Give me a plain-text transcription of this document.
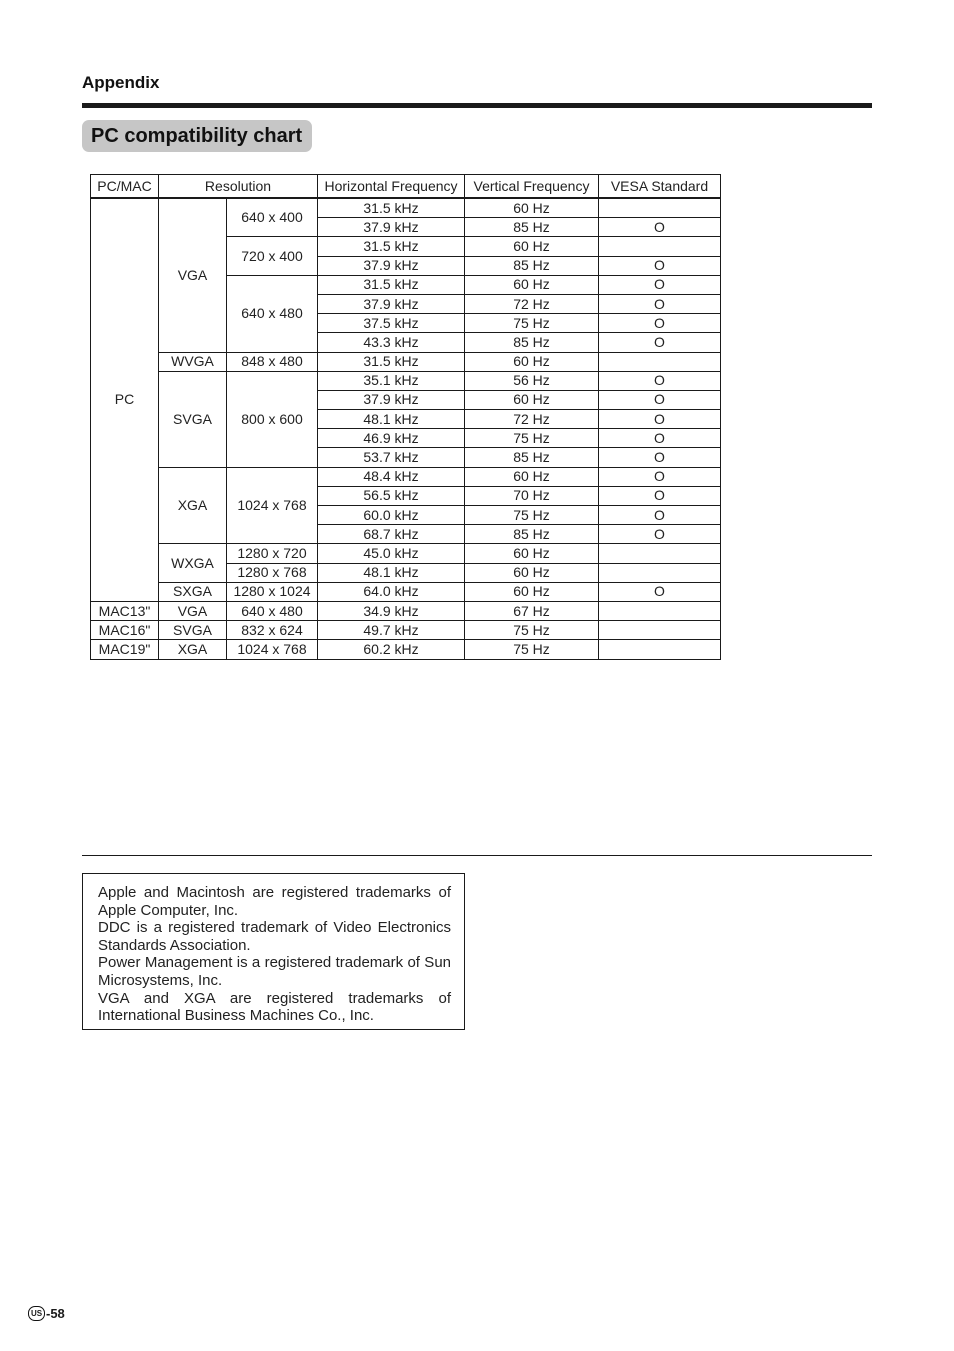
Appendix
PC compatibility chart
PC/MAC	Resolution		Horizontal Frequency	Vertical Frequency	VESA Standard
PC	VGA	640 x 400	31.5 kHz	60 Hz	
			37.9 kHz	85 Hz	O
		720 x 400	31.5 kHz	60 Hz	
			37.9 kHz	85 Hz	O
		640 x 480	31.5 kHz	60 Hz	O
			37.9 kHz	72 Hz	O
			37.5 kHz	75 Hz	O
			43.3 kHz	85 Hz	O
	WVGA	848 x 480	31.5 kHz	60 Hz	
	SVGA	800 x 600	35.1 kHz	56 Hz	O
			37.9 kHz	60 Hz	O
			48.1 kHz	72 Hz	O
			46.9 kHz	75 Hz	O
			53.7 kHz	85 Hz	O
	XGA	1024 x 768	48.4 kHz	60 Hz	O
			56.5 kHz	70 Hz	O
			60.0 kHz	75 Hz	O
			68.7 kHz	85 Hz	O
	WXGA	1280 x 720	45.0 kHz	60 Hz	
		1280 x 768	48.1 kHz	60 Hz	
	SXGA	1280 x 1024	64.0 kHz	60 Hz	O
MAC13"	VGA	640 x 480	34.9 kHz	67 Hz	
MAC16"	SVGA	832 x 624	49.7 kHz	75 Hz	
MAC19"	XGA	1024 x 768	60.2 kHz	75 Hz	

Apple and Macintosh are registered trademarks of Apple Computer, Inc.

DDC is a registered trademark of Video Electronics Standards Association.

Power Management is a registered trademark of Sun Microsystems, Inc.

VGA and XGA are registered trademarks of International Business Machines Co., Inc.

US -58
